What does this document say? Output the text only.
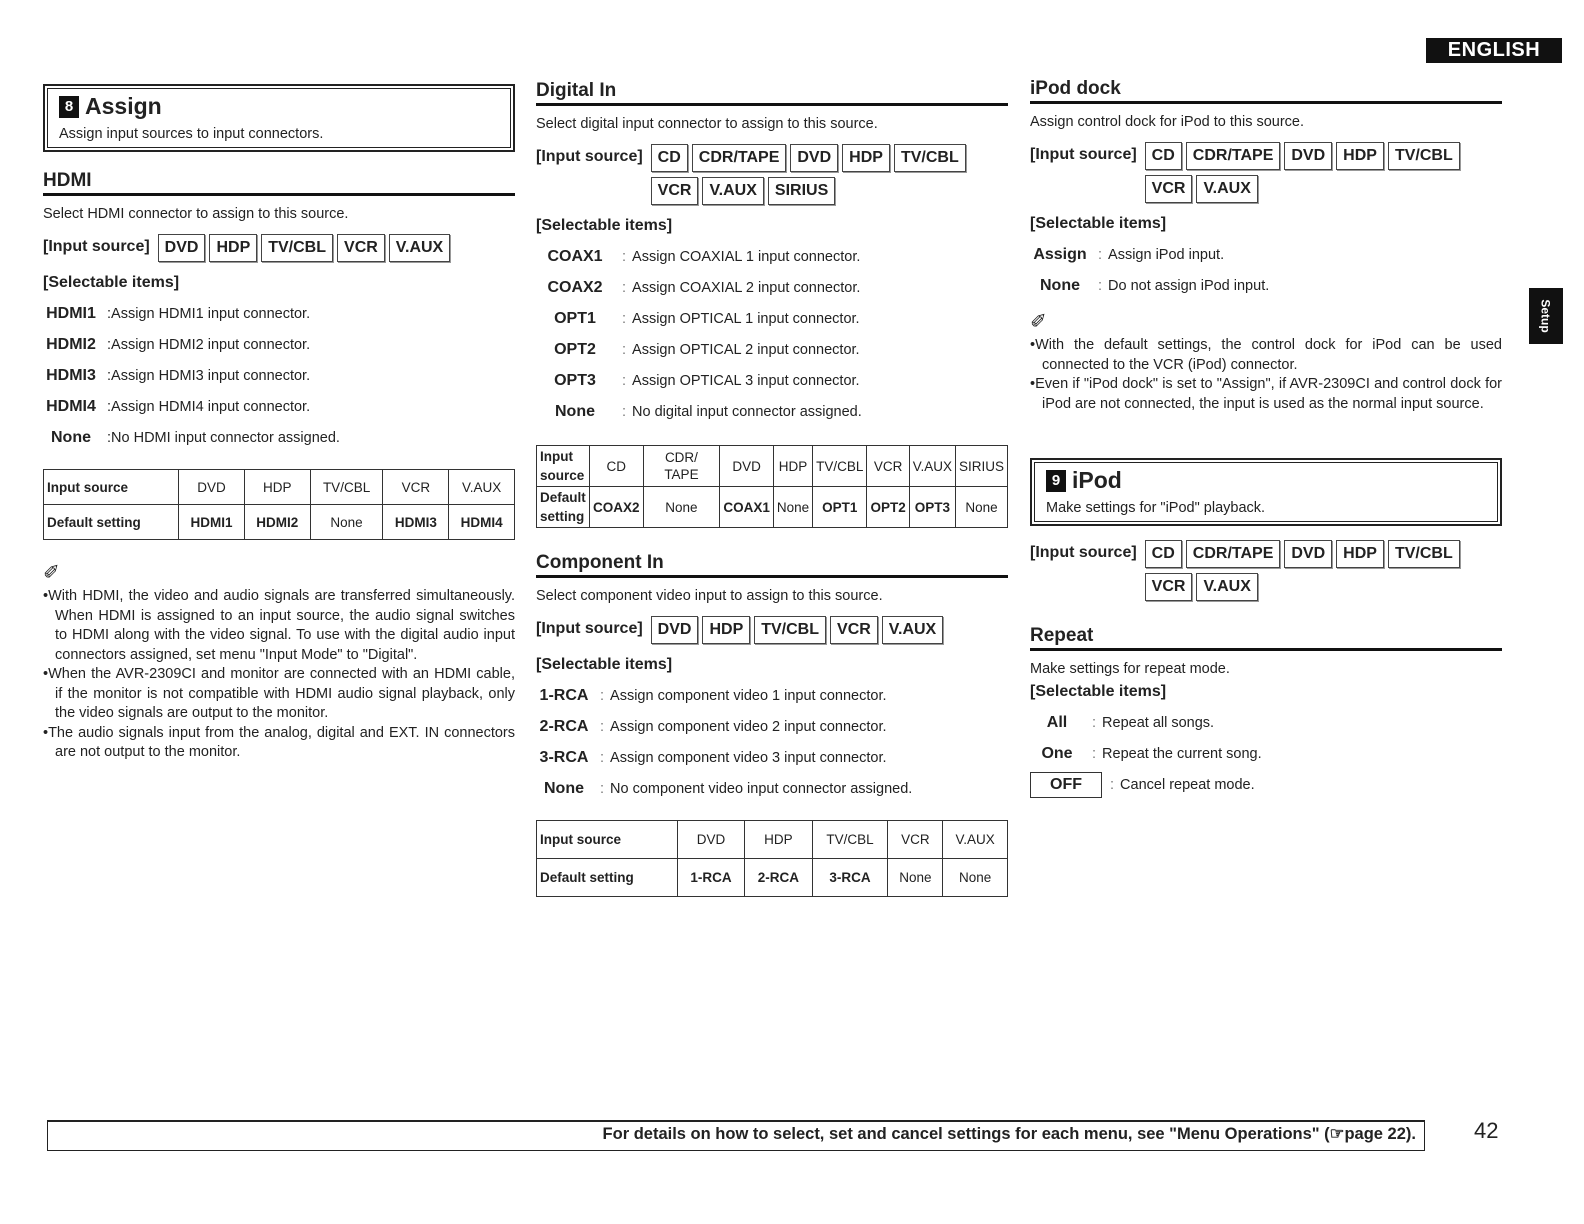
ENGLISH
Setup
8 Assign
Assign input sources to input connectors.
HDMI
Select HDMI connector to assign to this source.
[Input source] DVD	HDP	TV/CBL	VCR	V.AUX
[Selectable items]
HDMI1 :Assign HDMI1 input connector.
HDMI2 :Assign HDMI2 input connector.
HDMI3 :Assign HDMI3 input connector.
HDMI4 :Assign HDMI4 input connector.
None	:No HDMI input connector assigned.
Input source	DVD	HDP	TV/CBL	VCR	V.AUX
Default setting	HDMI1	HDMI2	None	HDMI3	HDMI4
✐
•With HDMI, the video and audio signals are transferred simultaneously. When HDMI is assigned to an input source, the audio signal switches to HDMI along with the video signal. To use with the digital audio input connectors assigned, set menu "Input Mode" to "Digital".
•When the AVR-2309CI and monitor are connected with an HDMI cable, if the monitor is not compatible with HDMI audio signal playback, only the video signals are output to the monitor.
•The audio signals input from the analog, digital and EXT. IN connectors are not output to the monitor.
Digital In
Select digital input connector to assign to this source.
[Input source] CD	CDR/TAPE	DVD	HDP	TV/CBL
VCR	V.AUX	SIRIUS
[Selectable items]
COAX1	: Assign COAXIAL 1 input connector.
COAX2	: Assign COAXIAL 2 input connector.
OPT1	: Assign OPTICAL 1 input connector.
OPT2	: Assign OPTICAL 2 input connector.
OPT3	: Assign OPTICAL 3 input connector.
None	: No digital input connector assigned.
Input source	CD	CDR/ TAPE	DVD	HDP	TV/CBL	VCR	V.AUX	SIRIUS
Default setting	COAX2	None	COAX1	None	OPT1	OPT2	OPT3	None
Component In
Select component video input to assign to this source.
[Input source] DVD	HDP	TV/CBL	VCR	V.AUX
[Selectable items]
1-RCA : Assign component video 1 input connector.
2-RCA : Assign component video 2 input connector.
3-RCA : Assign component video 3 input connector.
None	: No component video input connector assigned.
Input source	DVD	HDP	TV/CBL	VCR	V.AUX
Default setting	1-RCA	2-RCA	3-RCA	None	None
iPod dock
Assign control dock for iPod to this source.
[Input source] CD	CDR/TAPE	DVD	HDP	TV/CBL
VCR	V.AUX
[Selectable items]
Assign : Assign iPod input.
None	: Do not assign iPod input.
✐
•With the default settings, the control dock for iPod can be used connected to the VCR (iPod) connector.
•Even if "iPod dock" is set to "Assign", if AVR-2309CI and control dock for iPod are not connected, the input is used as the normal input source.
9 iPod
Make settings for "iPod" playback.
[Input source] CD	CDR/TAPE	DVD	HDP	TV/CBL
VCR	V.AUX
Repeat
Make settings for repeat mode.
[Selectable items]
All	: Repeat all songs.
One	: Repeat the current song.
OFF	: Cancel repeat mode.
For details on how to select, set and cancel settings for each menu, see "Menu Operations" (☞page 22).	42
